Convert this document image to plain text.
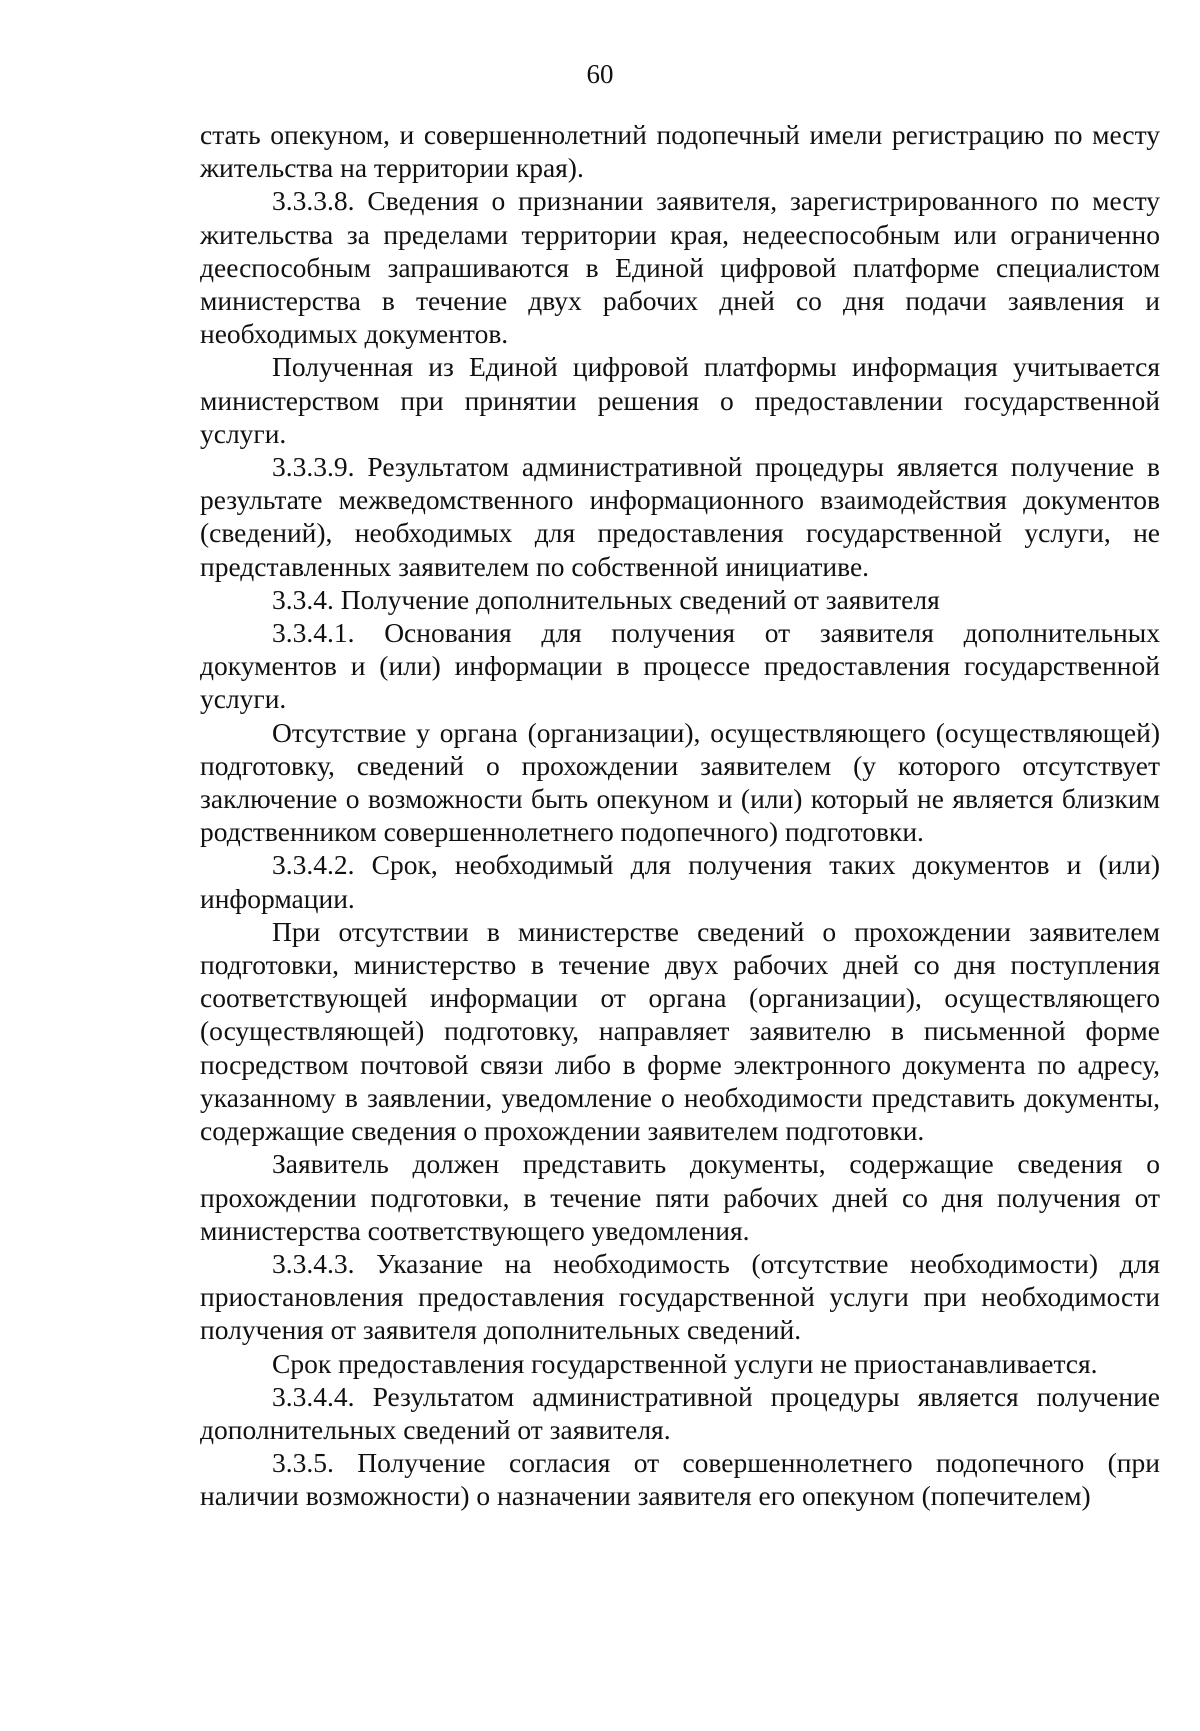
60

стать опекуном, и совершеннолетний подопечный имели регистрацию по месту жительства на территории края).

3.3.3.8. Сведения о признании заявителя, зарегистрированного по месту жительства за пределами территории края, недееспособным или ограниченно дееспособным запрашиваются в Единой цифровой платформе специалистом министерства в течение двух рабочих дней со дня подачи заявления и необходимых документов.

Полученная из Единой цифровой платформы информация учитывается министерством при принятии решения о предоставлении государственной услуги.

3.3.3.9. Результатом административной процедуры является получение в результате межведомственного информационного взаимодействия документов (сведений), необходимых для предоставления государственной услуги, не представленных заявителем по собственной инициативе.

3.3.4. Получение дополнительных сведений от заявителя

3.3.4.1. Основания для получения от заявителя дополнительных документов и (или) информации в процессе предоставления государственной услуги.

Отсутствие у органа (организации), осуществляющего (осуществляющей) подготовку, сведений о прохождении заявителем (у которого отсутствует заключение о возможности быть опекуном и (или) который не является близким родственником совершеннолетнего подопечного) подготовки.

3.3.4.2. Срок, необходимый для получения таких документов и (или) информации.

При отсутствии в министерстве сведений о прохождении заявителем подготовки, министерство в течение двух рабочих дней со дня поступления соответствующей информации от органа (организации), осуществляющего (осуществляющей) подготовку, направляет заявителю в письменной форме посредством почтовой связи либо в форме электронного документа по адресу, указанному в заявлении, уведомление о необходимости представить документы, содержащие сведения о прохождении заявителем подготовки.

Заявитель должен представить документы, содержащие сведения о прохождении подготовки, в течение пяти рабочих дней со дня получения от министерства соответствующего уведомления.

3.3.4.3. Указание на необходимость (отсутствие необходимости) для приостановления предоставления государственной услуги при необходимости получения от заявителя дополнительных сведений.

Срок предоставления государственной услуги не приостанавливается.

3.3.4.4. Результатом административной процедуры является получение дополнительных сведений от заявителя.

3.3.5. Получение согласия от совершеннолетнего подопечного (при наличии возможности) о назначении заявителя его опекуном (попечителем)
